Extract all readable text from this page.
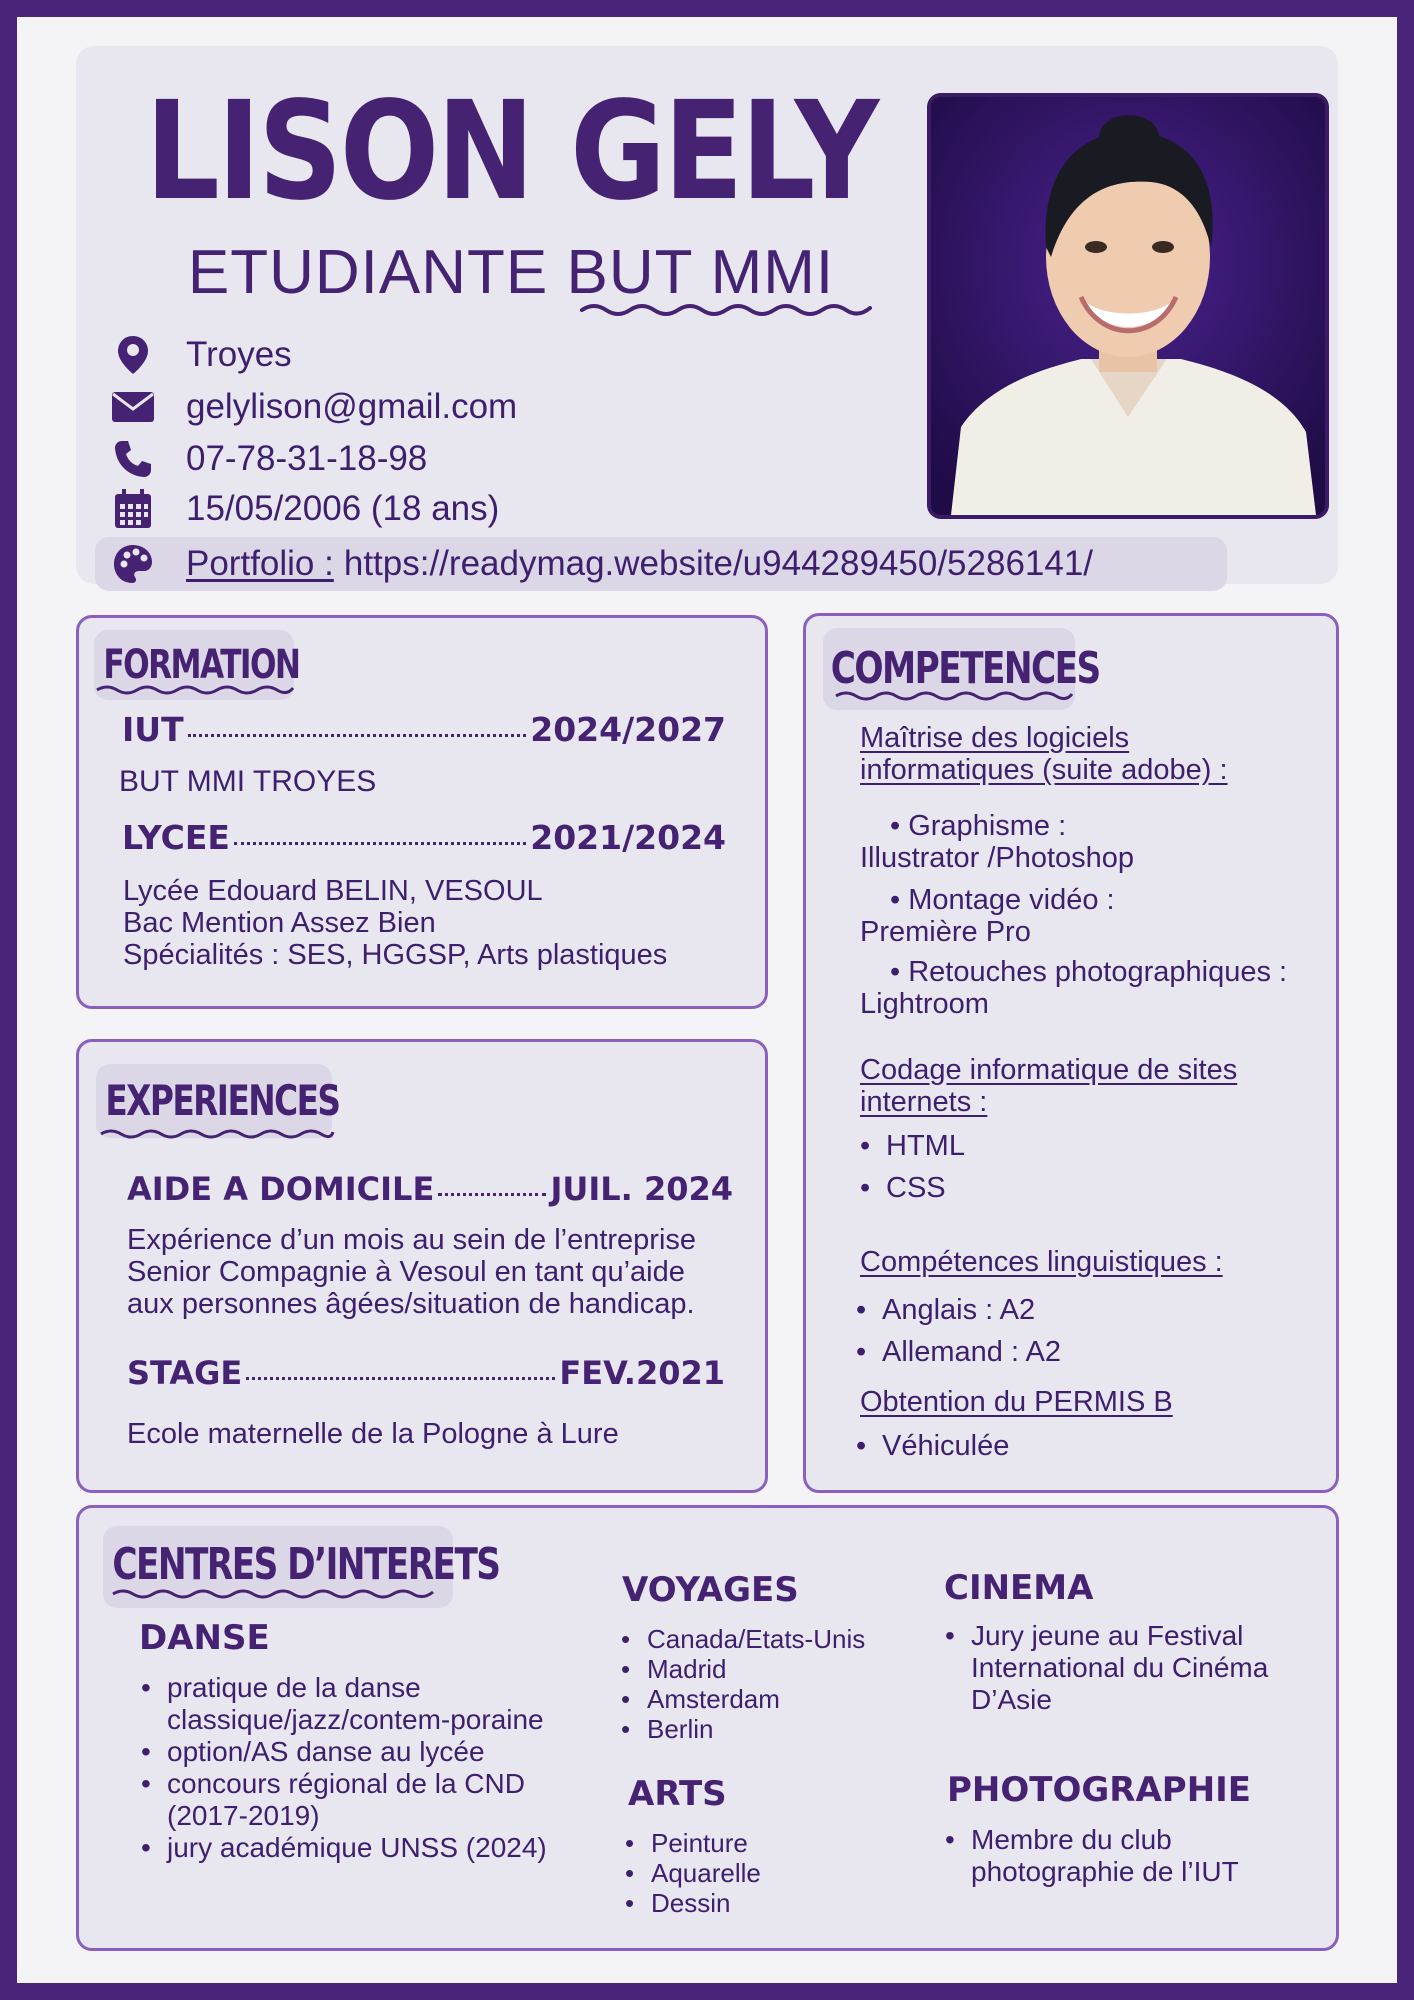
LISON GELY
ETUDIANTE BUT MMI
Troyes
gelylison@gmail.com
07-78-31-18-98
15/05/2006 (18 ans)
Portfolio : https://readymag.website/u944289450/5286141/
FORMATION
IUT	2024/2027
BUT MMI TROYES
LYCEE	2021/2024
Lycée Edouard BELIN, VESOUL
Bac Mention Assez Bien
Spécialités : SES, HGGSP, Arts plastiques
EXPERIENCES
AIDE A DOMICILE	JUIL. 2024
Expérience d’un mois au sein de l’entreprise
Senior Compagnie à Vesoul en tant qu’aide
aux personnes âgées/situation de handicap.
STAGE	FEV.2021
Ecole maternelle de la Pologne à Lure
COMPETENCES
Maîtrise des logiciels
informatiques (suite adobe) :
• Graphisme :
Illustrator /Photoshop
• Montage vidéo :
Première Pro
• Retouches photographiques :
Lightroom
Codage informatique de sites
internets :
• HTML
• CSS
Compétences linguistiques :
• Anglais : A2
• Allemand : A2
Obtention du PERMIS B
• Véhiculée
CENTRES D’INTERETS
DANSE
• pratique de la danse classique/jazz/contem-poraine
• option/AS danse au lycée
• concours régional de la CND (2017-2019)
• jury académique UNSS (2024)
VOYAGES
• Canada/Etats-Unis
• Madrid
• Amsterdam
• Berlin
ARTS
• Peinture
• Aquarelle
• Dessin
CINEMA
• Jury jeune au Festival International du Cinéma D’Asie
PHOTOGRAPHIE
• Membre du club photographie de l’IUT
